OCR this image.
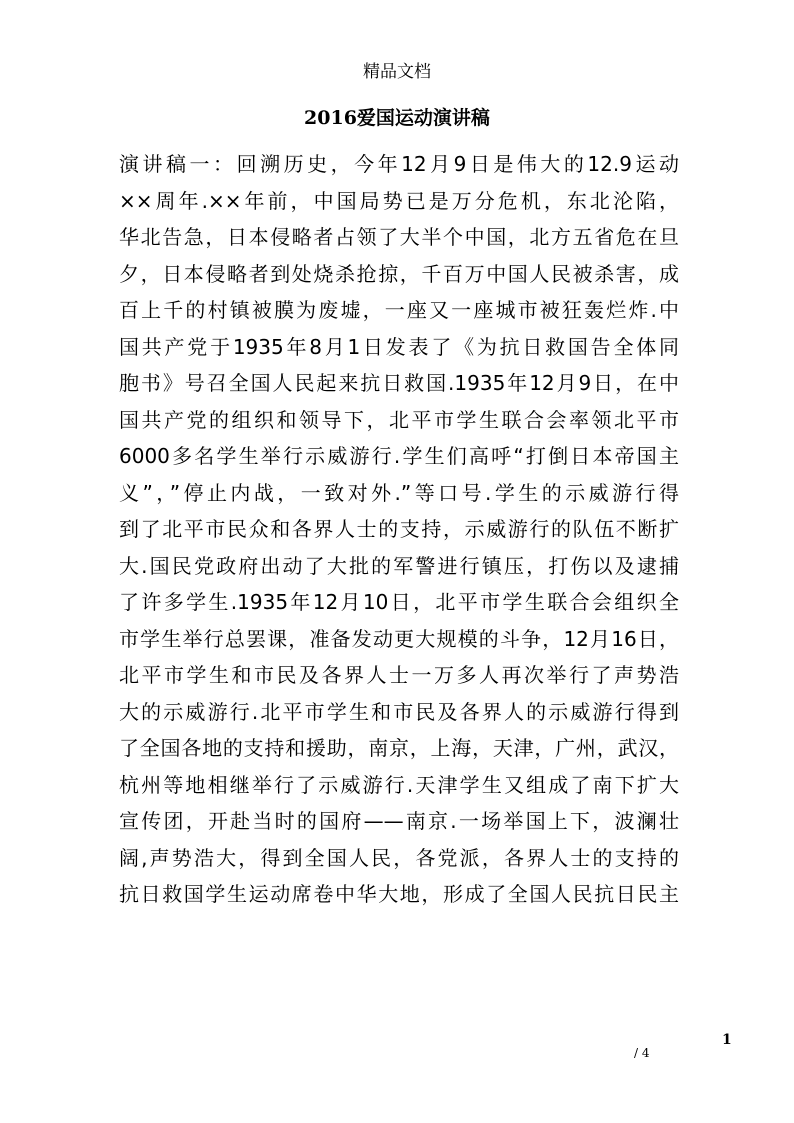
精品文档
2016爱国运动演讲稿
演讲稿一：回溯历史，今年12月9日是伟大的12.9运动
××周年.××年前，中国局势已是万分危机，东北沦陷，
华北告急，日本侵略者占领了大半个中国，北方五省危在旦
夕，日本侵略者到处烧杀抢掠，千百万中国人民被杀害，成
百上千的村镇被膜为废墟，一座又一座城市被狂轰烂炸.中
国共产党于1935年8月1日发表了《为抗日救国告全体同
胞书》号召全国人民起来抗日救国.1935年12月9日，在中
国共产党的组织和领导下，北平市学生联合会率领北平市
6000多名学生举行示威游行.学生们高呼“打倒日本帝国主
义”，”停止内战，一致对外.”等口号.学生的示威游行得
到了北平市民众和各界人士的支持，示威游行的队伍不断扩
大.国民党政府出动了大批的军警进行镇压，打伤以及逮捕
了许多学生.1935年12月10日，北平市学生联合会组织全
市学生举行总罢课，准备发动更大规模的斗争，12月16日，
北平市学生和市民及各界人士一万多人再次举行了声势浩
大的示威游行.北平市学生和市民及各界人的示威游行得到
了全国各地的支持和援助，南京，上海，天津，广州，武汉，
杭州等地相继举行了示威游行.天津学生又组成了南下扩大
宣传团，开赴当时的国府——南京.一场举国上下，波澜壮
阔,声势浩大，得到全国人民，各党派，各界人士的支持的
抗日救国学生运动席卷中华大地，形成了全国人民抗日民主
1
/ 4
